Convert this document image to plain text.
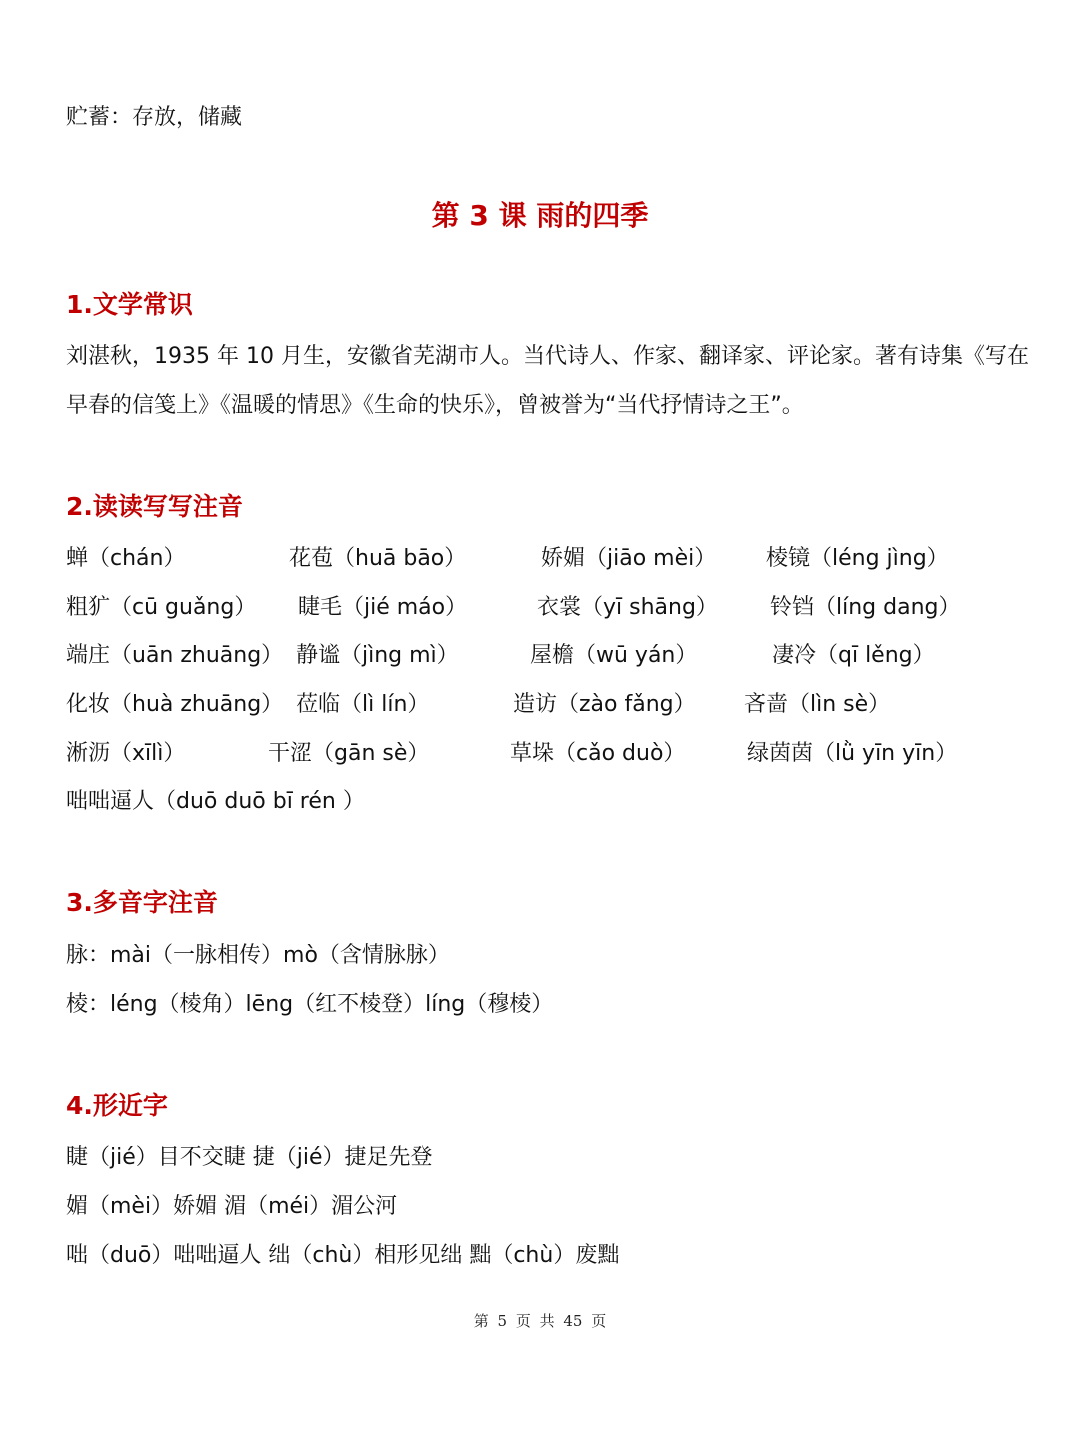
贮蓄：存放，储藏
第 3 课 雨的四季
1.文学常识
刘湛秋，1935 年 10 月生，安徽省芜湖市人。当代诗人、作家、翻译家、评论家。著有诗集《写在
早春的信笺上》《温暖的情思》《生命的快乐》，曾被誉为“当代抒情诗之王”。
2.读读写写注音
蝉（chán）	花苞（huā bāo）	娇媚（jiāo mèi） 棱镜（léng jìng）
粗犷（cū guǎng） 睫毛（jié máo）	衣裳（yī shāng） 铃铛（líng dang）
端庄（uān zhuāng） 静谧（jìng mì）	屋檐（wū yán）	凄冷（qī lěng）
化妆（huà zhuāng） 莅临（lì lín）	造访（zào fǎng） 吝啬（lìn sè）
淅沥（xīlì）	干涩（gān sè）	草垛（cǎo duò）	绿茵茵（lǜ yīn yīn）
咄咄逼人（duō duō bī rén ）
3.多音字注音
脉：mài（一脉相传）mò（含情脉脉）
棱：léng（棱角）lēng（红不棱登）líng（穆棱）
4.形近字
睫（jié）目不交睫 捷（jié）捷足先登
媚（mèi）娇媚 湄（méi）湄公河
咄（duō）咄咄逼人 绌（chù）相形见绌 黜（chù）废黜
第 5 页 共 45 页
